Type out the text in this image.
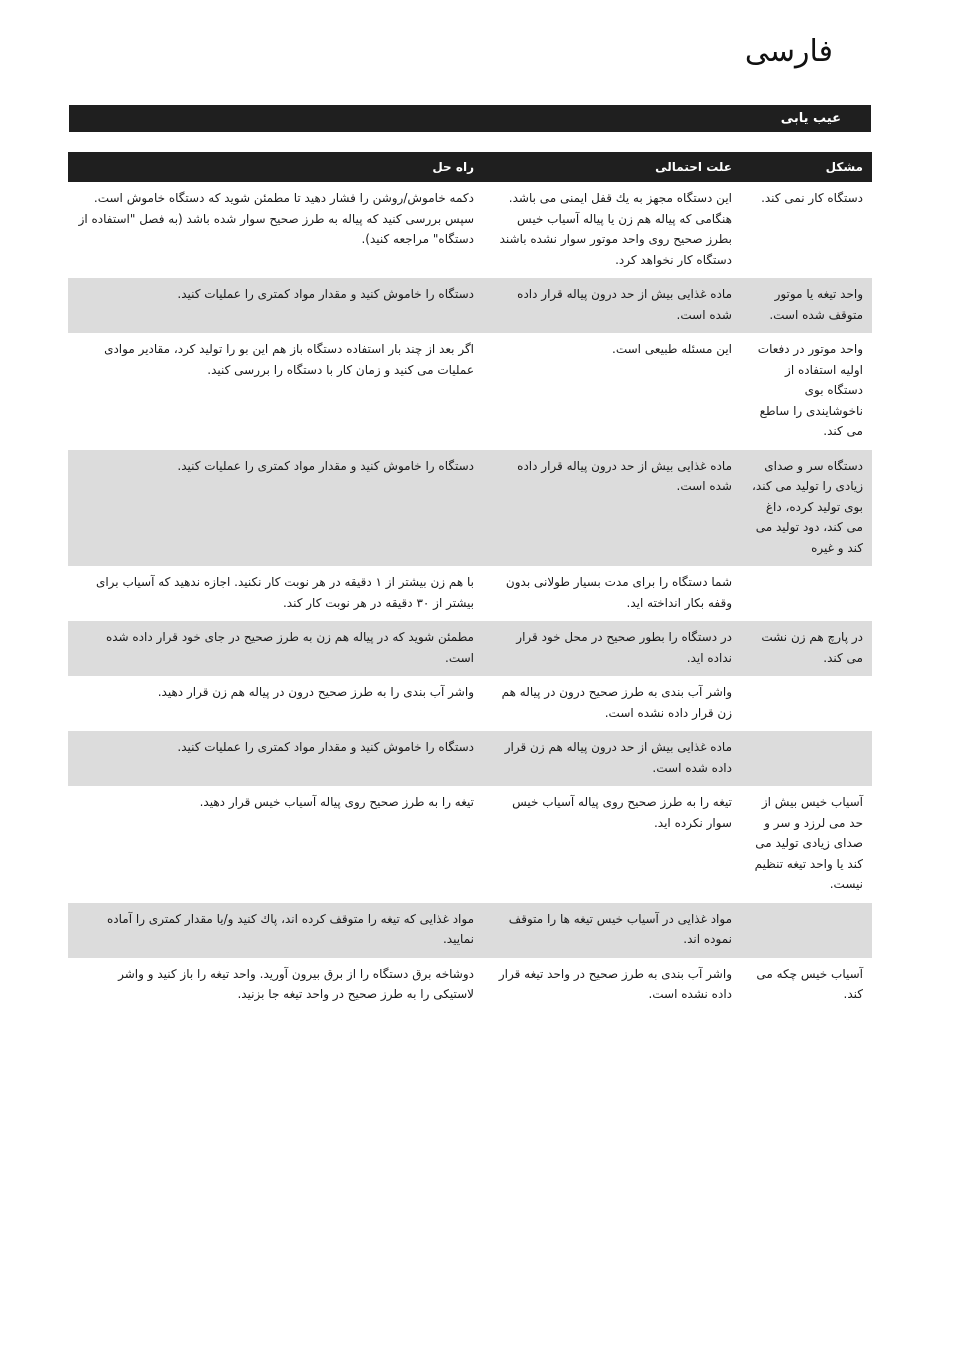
فارسی
عیب یابی
مشکل	علت احتمالی	راه حل

دستگاه کار نمی کند.	این دستگاه مجهز به یك قفل ایمنی می باشد. هنگامی که پیاله هم زن یا پیاله آسیاب خیس بطرز صحیح روی واحد موتور سوار نشده باشند دستگاه کار نخواهد کرد.	دکمه خاموش/روشن را فشار دهید تا مطمئن شوید که دستگاه خاموش است. سپس بررسی کنید که پیاله به طرز صحیح سوار شده باشد (به فصل "استفاده از دستگاه" مراجعه کنید).

واحد تیغه یا موتور متوقف شده است.	ماده غذایی بیش از حد درون پیاله قرار داده شده است.	دستگاه را خاموش کنید و مقدار مواد کمتری را عملیات کنید.

واحد موتور در دفعات اولیه استفاده از دستگاه بوی ناخوشایندی را ساطع می کند.	این مسئله طبیعی است.	اگر بعد از چند بار استفاده دستگاه باز هم این بو را تولید کرد، مقادیر موادی عملیات می کنید و زمان کار با دستگاه را بررسی کنید.

دستگاه سر و صدای زیادی را تولید می کند، بوی تولید کرده، داغ می کند، دود تولید می کند و غیره	ماده غذایی بیش از حد درون پیاله قرار داده شده است.	دستگاه را خاموش کنید و مقدار مواد کمتری را عملیات کنید.

	شما دستگاه را برای مدت بسیار طولانی بدون وقفه بکار انداخته اید.	با هم زن بیشتر از ۱ دقیقه در هر نوبت کار نکنید. اجازه ندهید که آسیاب برای بیشتر از ۳۰ دقیقه در هر نوبت کار کند.

در پارچ هم زن نشت می کند.	در دستگاه را بطور صحیح در محل خود قرار نداده اید.	مطمئن شوید که در پیاله هم زن به طرز صحیح در جای خود قرار داده شده است.

	واشر آب بندی به طرز صحیح درون در پیاله هم زن قرار داده نشده است.	واشر آب بندی را به طرز صحیح درون در پیاله هم زن قرار دهید.

	ماده غذایی بیش از حد درون پیاله هم زن قرار داده شده است.	دستگاه را خاموش کنید و مقدار مواد کمتری را عملیات کنید.

آسیاب خیس بیش از حد می لرزد و سر و صدای زیادی تولید می کند یا واحد تیغه تنظیم نیست.	تیغه را به طرز صحیح روی پیاله آسیاب خیس سوار نکرده اید.	تیغه را به طرز صحیح روی پیاله آسیاب خیس قرار دهید.

	مواد غذایی در آسیاب خیس تیغه ها را متوقف نموده اند.	مواد غذایی که تیغه را متوقف کرده اند، پاك کنید و/یا مقدار کمتری را آماده نمایید.

آسیاب خیس چکه می کند.	واشر آب بندی به طرز صحیح در واحد تیغه قرار داده نشده است.	دوشاخه برق دستگاه را از برق بیرون آورید. واحد تیغه را باز کنید و واشر لاستیکی را به طرز صحیح در واحد تیغه جا بزنید.
